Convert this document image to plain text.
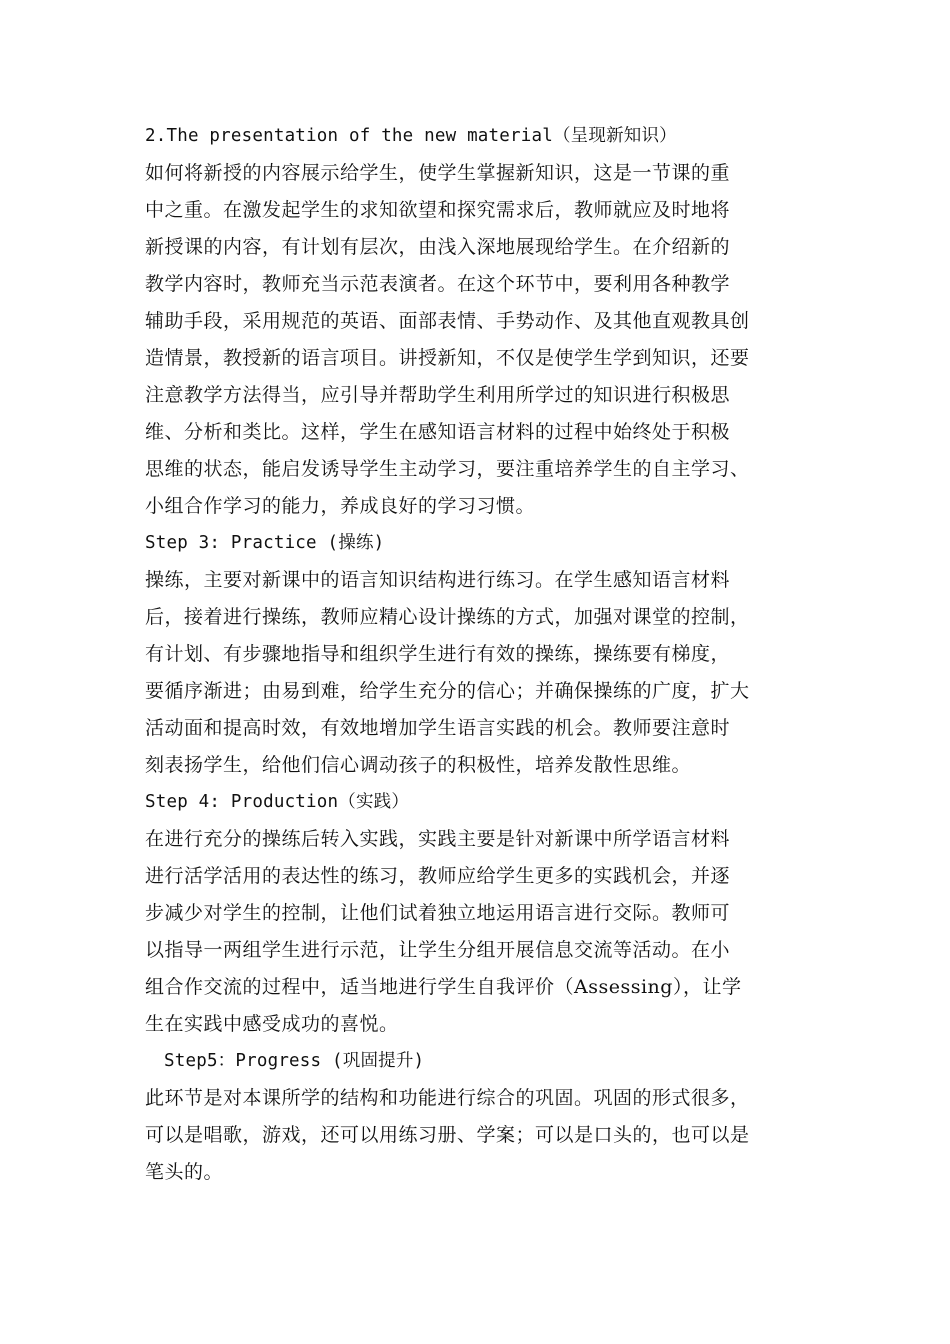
2.The presentation of the new material（呈现新知识）
如何将新授的内容展示给学生，使学生掌握新知识，这是一节课的重
中之重。在激发起学生的求知欲望和探究需求后，教师就应及时地将
新授课的内容，有计划有层次，由浅入深地展现给学生。在介绍新的
教学内容时，教师充当示范表演者。在这个环节中，要利用各种教学
辅助手段，采用规范的英语、面部表情、手势动作、及其他直观教具创
造情景，教授新的语言项目。讲授新知，不仅是使学生学到知识，还要
注意教学方法得当，应引导并帮助学生利用所学过的知识进行积极思
维、分析和类比。这样，学生在感知语言材料的过程中始终处于积极
思维的状态，能启发诱导学生主动学习，要注重培养学生的自主学习、
小组合作学习的能力，养成良好的学习习惯。
Step 3: Practice (操练)
操练，主要对新课中的语言知识结构进行练习。在学生感知语言材料
后，接着进行操练，教师应精心设计操练的方式，加强对课堂的控制，
有计划、有步骤地指导和组织学生进行有效的操练，操练要有梯度，
要循序渐进；由易到难，给学生充分的信心；并确保操练的广度，扩大
活动面和提高时效，有效地增加学生语言实践的机会。教师要注意时
刻表扬学生，给他们信心调动孩子的积极性，培养发散性思维。
Step 4: Production（实践）
在进行充分的操练后转入实践，实践主要是针对新课中所学语言材料
进行活学活用的表达性的练习，教师应给学生更多的实践机会，并逐
步减少对学生的控制，让他们试着独立地运用语言进行交际。教师可
以指导一两组学生进行示范，让学生分组开展信息交流等活动。在小
组合作交流的过程中，适当地进行学生自我评价（Assessing），让学
生在实践中感受成功的喜悦。
Step5：Progress (巩固提升)
此环节是对本课所学的结构和功能进行综合的巩固。巩固的形式很多，
可以是唱歌，游戏，还可以用练习册、学案；可以是口头的，也可以是
笔头的。
